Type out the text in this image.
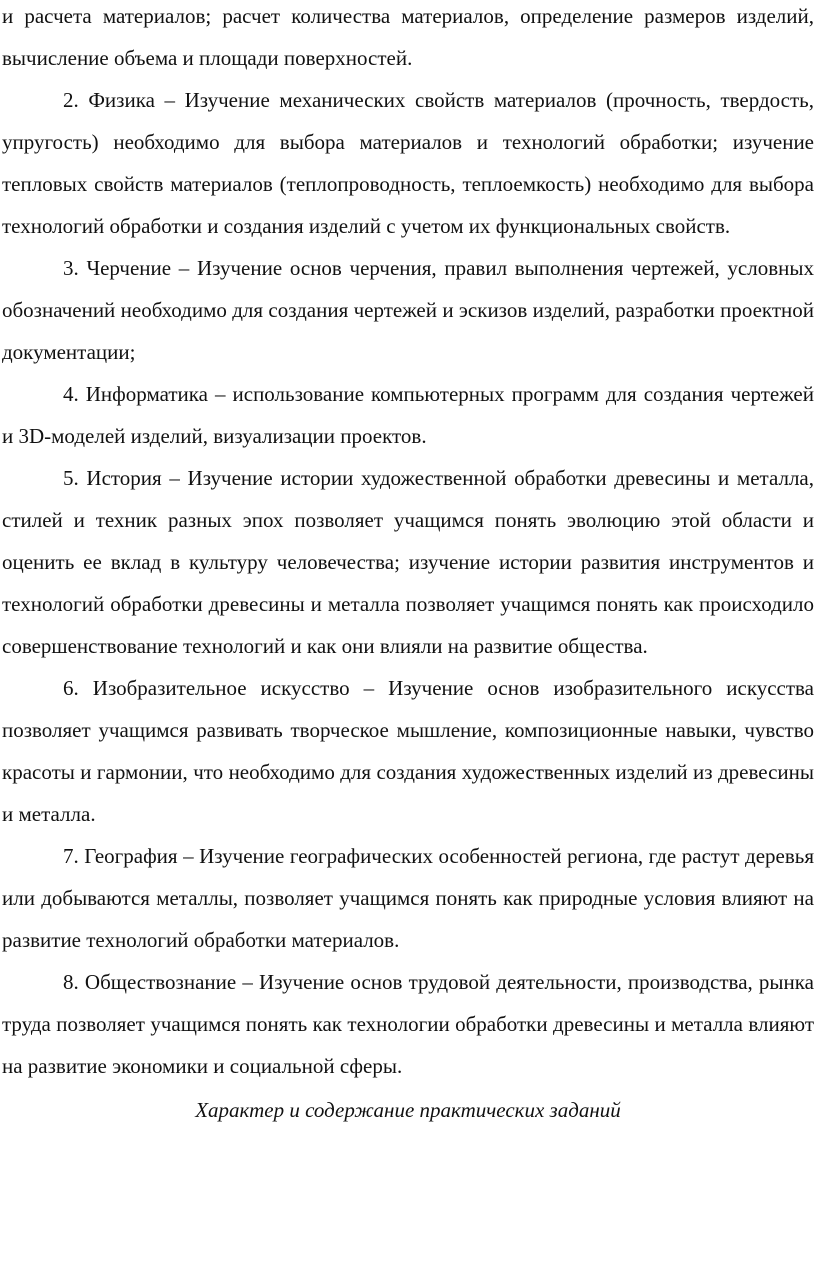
и расчета материалов; расчет количества материалов, определение размеров изделий, вычисление объема и площади поверхностей.

2. Физика – Изучение механических свойств материалов (прочность, твердость, упругость) необходимо для выбора материалов и технологий обработки; изучение тепловых свойств материалов (теплопроводность, теплоемкость) необходимо для выбора технологий обработки и создания изделий с учетом их функциональных свойств.

3. Черчение – Изучение основ черчения, правил выполнения чертежей, условных обозначений необходимо для создания чертежей и эскизов изделий, разработки проектной документации;

4. Информатика – использование компьютерных программ для создания чертежей и 3D-моделей изделий, визуализации проектов.

5. История – Изучение истории художественной обработки древесины и металла, стилей и техник разных эпох позволяет учащимся понять эволюцию этой области и оценить ее вклад в культуру человечества; изучение истории развития инструментов и технологий обработки древесины и металла позволяет учащимся понять как происходило совершенствование технологий и как они влияли на развитие общества.

6. Изобразительное искусство – Изучение основ изобразительного искусства позволяет учащимся развивать творческое мышление, композиционные навыки, чувство красоты и гармонии, что необходимо для создания художественных изделий из древесины и металла.

7. География – Изучение географических особенностей региона, где растут деревья или добываются металлы, позволяет учащимся понять как природные условия влияют на развитие технологий обработки материалов.

8. Обществознание – Изучение основ трудовой деятельности, производства, рынка труда позволяет учащимся понять как технологии обработки древесины и металла влияют на развитие экономики и социальной сферы.

Характер и содержание практических заданий
